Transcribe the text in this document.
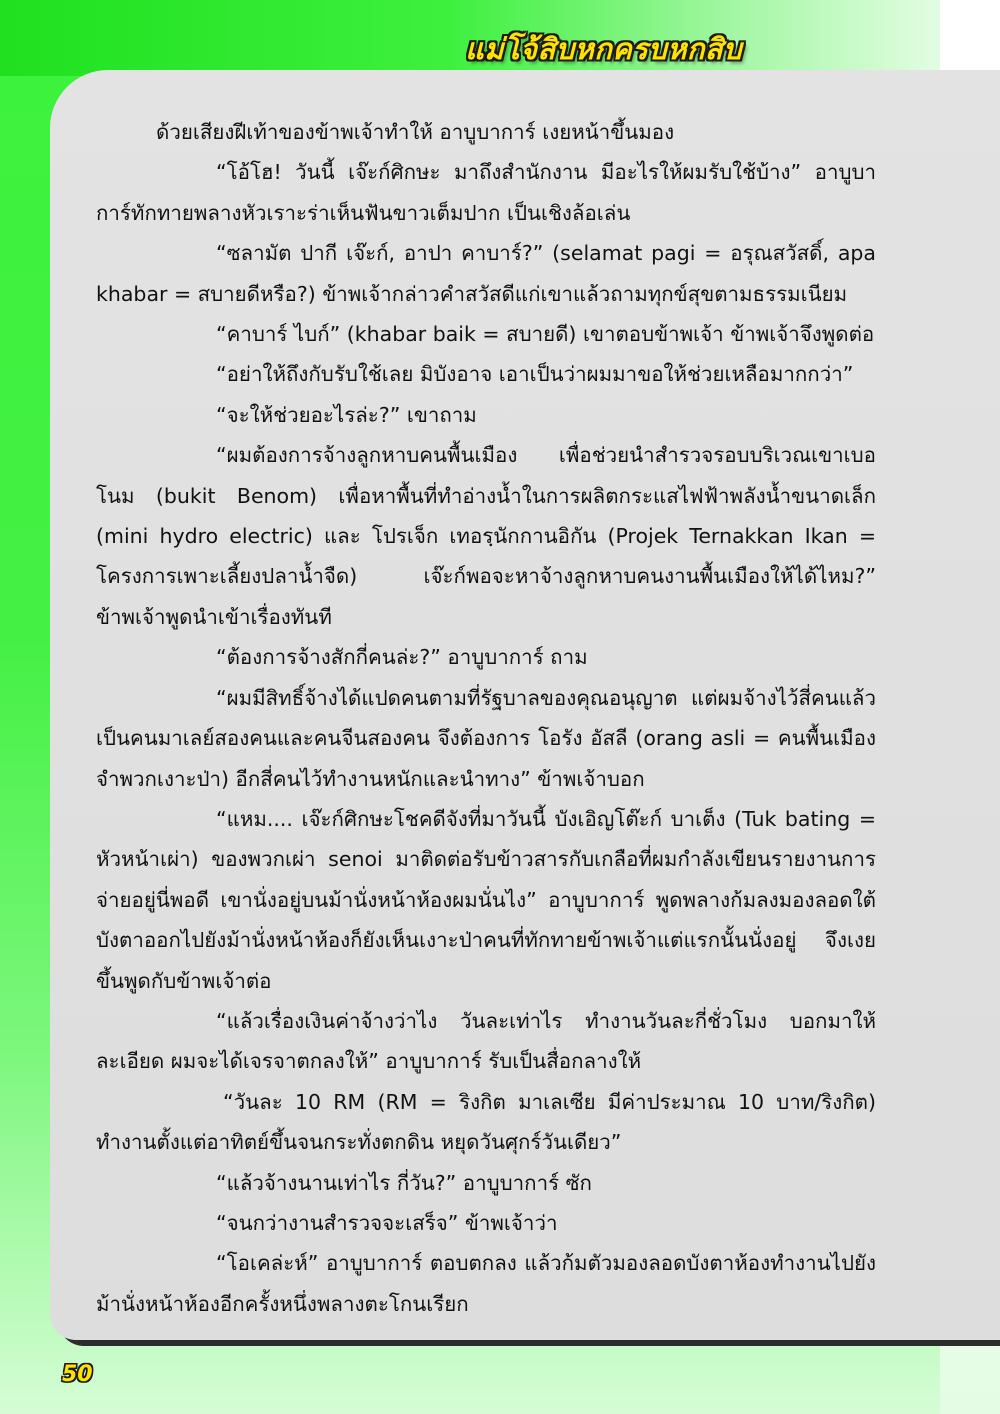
แม่โจ้สิบหกครบหกสิบ

ด้วยเสียงฝีเท้าของข้าพเจ้าทำให้ อาบูบาการ์ เงยหน้าขึ้นมอง

“โอ้โฮ! วันนี้ เจ๊ะก์ศิกษะ มาถึงสำนักงาน มีอะไรให้ผมรับใช้บ้าง” อาบูบาการ์ทักทายพลางหัวเราะร่าเห็นฟันขาวเต็มปาก เป็นเชิงล้อเล่น

“ซลามัต ปากี เจ๊ะก์, อาปา คาบาร์?” (selamat pagi = อรุณสวัสดิ์, apa khabar = สบายดีหรือ?) ข้าพเจ้ากล่าวคำสวัสดีแก่เขาแล้วถามทุกข์สุขตามธรรมเนียม

“คาบาร์ ไบก์” (khabar baik = สบายดี) เขาตอบข้าพเจ้า ข้าพเจ้าจึงพูดต่อ

“อย่าให้ถึงกับรับใช้เลย มิบังอาจ เอาเป็นว่าผมมาขอให้ช่วยเหลือมากกว่า”

“จะให้ช่วยอะไรล่ะ?” เขาถาม

“ผมต้องการจ้างลูกหาบคนพื้นเมือง เพื่อช่วยนำสำรวจรอบบริเวณเขาเบอโนม (bukit Benom) เพื่อหาพื้นที่ทำอ่างน้ำในการผลิตกระแสไฟฟ้าพลังน้ำขนาดเล็ก (mini hydro electric) และ โปรเจ็ก เทอรฺนักกานอิกัน (Projek Ternakkan Ikan = โครงการเพาะเลี้ยงปลาน้ำจืด) เจ๊ะก์พอจะหาจ้างลูกหาบคนงานพื้นเมืองให้ได้ไหม?” ข้าพเจ้าพูดนำเข้าเรื่องทันที

“ต้องการจ้างสักกี่คนล่ะ?” อาบูบาการ์ ถาม

“ผมมีสิทธิ์จ้างได้แปดคนตามที่รัฐบาลของคุณอนุญาต แต่ผมจ้างไว้สี่คนแล้ว เป็นคนมาเลย์สองคนและคนจีนสองคน จึงต้องการ โอรัง อัสลี (orang asli = คนพื้นเมือง จำพวกเงาะป่า) อีกสี่คนไว้ทำงานหนักและนำทาง” ข้าพเจ้าบอก

“แหม.... เจ๊ะก์ศิกษะโชคดีจังที่มาวันนี้ บังเอิญโต๊ะก์ บาเต็ง (Tuk bating = หัวหน้าเผ่า) ของพวกเผ่า senoi มาติดต่อรับข้าวสารกับเกลือที่ผมกำลังเขียนรายงานการจ่ายอยู่นี่พอดี เขานั่งอยู่บนม้านั่งหน้าห้องผมนั่นไง” อาบูบาการ์ พูดพลางก้มลงมองลอดใต้บังตาออกไปยังม้านั่งหน้าห้องก็ยังเห็นเงาะป่าคนที่ทักทายข้าพเจ้าแต่แรกนั้นนั่งอยู่ จึงเงยขึ้นพูดกับข้าพเจ้าต่อ

“แล้วเรื่องเงินค่าจ้างว่าไง วันละเท่าไร ทำงานวันละกี่ชั่วโมง บอกมาให้ละเอียด ผมจะได้เจรจาตกลงให้” อาบูบาการ์ รับเป็นสื่อกลางให้

“วันละ 10 RM (RM = ริงกิต มาเลเซีย มีค่าประมาณ 10 บาท/ริงกิต) ทำงานตั้งแต่อาทิตย์ขึ้นจนกระทั่งตกดิน หยุดวันศุกร์วันเดียว”

“แล้วจ้างนานเท่าไร กี่วัน?” อาบูบาการ์ ซัก

“จนกว่างานสำรวจจะเสร็จ” ข้าพเจ้าว่า

“โอเคล่ะห์” อาบูบาการ์ ตอบตกลง แล้วก้มตัวมองลอดบังตาห้องทำงานไปยังม้านั่งหน้าห้องอีกครั้งหนึ่งพลางตะโกนเรียก

50
